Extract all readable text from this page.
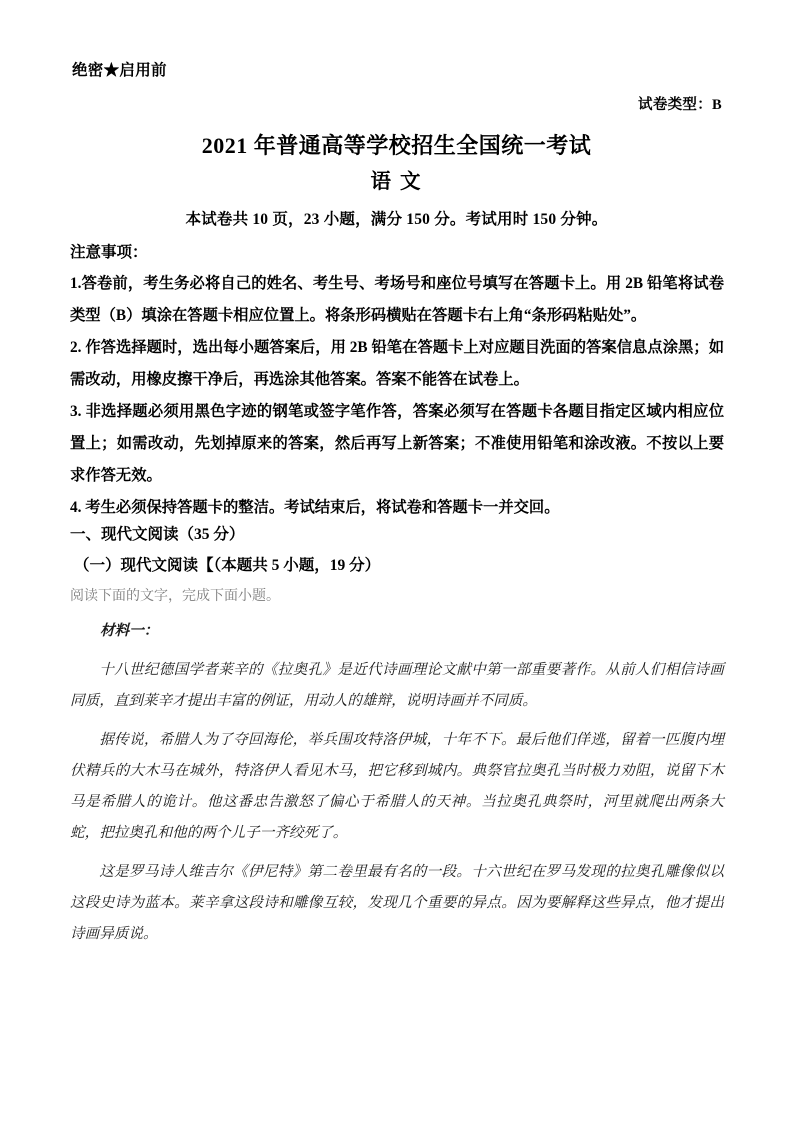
绝密★启用前
试卷类型：B
2021 年普通高等学校招生全国统一考试
语 文
本试卷共 10 页，23 小题，满分 150 分。考试用时 150 分钟。
注意事项：

1.答卷前，考生务必将自己的姓名、考生号、考场号和座位号填写在答题卡上。用 2B 铅笔将试卷类型（B）填涂在答题卡相应位置上。将条形码横贴在答题卡右上角“条形码粘贴处”。

2. 作答选择题时，选出每小题答案后，用 2B 铅笔在答题卡上对应题目洗面的答案信息点涂黑；如需改动，用橡皮擦干净后，再选涂其他答案。答案不能答在试卷上。

3. 非选择题必须用黑色字迹的钢笔或签字笔作答，答案必须写在答题卡各题目指定区域内相应位置上；如需改动，先划掉原来的答案，然后再写上新答案；不准使用铅笔和涂改液。不按以上要求作答无效。

4. 考生必须保持答题卡的整洁。考试结束后，将试卷和答题卡一并交回。

一、现代文阅读（35 分）
（一）现代文阅读【（本题共 5 小题，19 分）
阅读下面的文字，完成下面小题。
材料一：

十八世纪德国学者莱辛的《拉奥孔》是近代诗画理论文献中第一部重要著作。从前人们相信诗画同质，直到莱辛才提出丰富的例证，用动人的雄辩，说明诗画并不同质。

据传说，希腊人为了夺回海伦，举兵围攻特洛伊城，十年不下。最后他们佯逃，留着一匹腹内埋伏精兵的大木马在城外，特洛伊人看见木马，把它移到城内。典祭官拉奥孔当时极力劝阻，说留下木马是希腊人的诡计。他这番忠告激怒了偏心于希腊人的天神。当拉奥孔典祭时，河里就爬出两条大蛇，把拉奥孔和他的两个儿子一齐绞死了。

这是罗马诗人维吉尔《伊尼特》第二卷里最有名的一段。十六世纪在罗马发现的拉奥孔雕像似以这段史诗为蓝本。莱辛拿这段诗和雕像互较，发现几个重要的异点。因为要解释这些异点，他才提出诗画异质说。
